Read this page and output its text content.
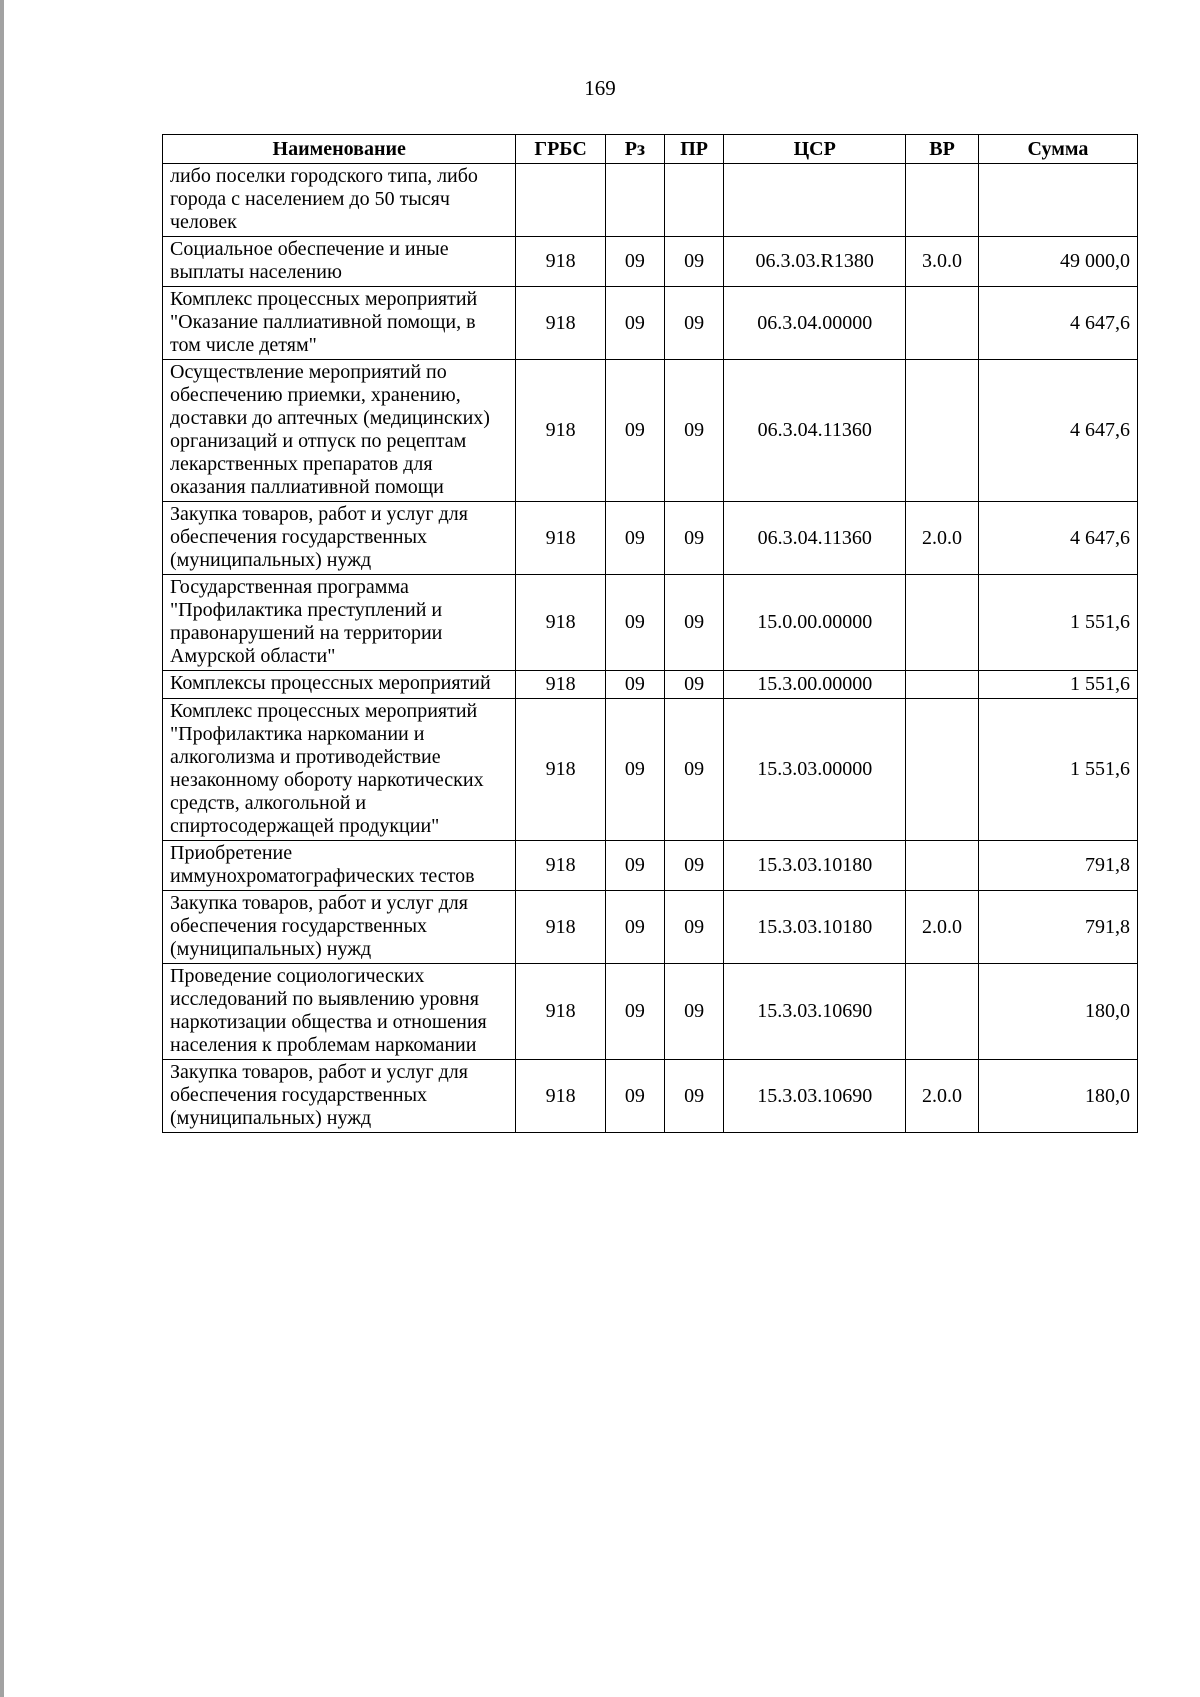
169
Наименование	ГРБС	Рз	ПР	ЦСР	ВР	Сумма
либо поселки городского типа, либо города с населением до 50 тысяч человек						
Социальное обеспечение и иные выплаты населению	918	09	09	06.3.03.R1380	3.0.0	49 000,0
Комплекс процессных мероприятий "Оказание паллиативной помощи, в том числе детям"	918	09	09	06.3.04.00000		4 647,6
Осуществление мероприятий по обеспечению приемки, хранению, доставки до аптечных (медицинских) организаций и отпуск по рецептам лекарственных препаратов для оказания паллиативной помощи	918	09	09	06.3.04.11360		4 647,6
Закупка товаров, работ и услуг для обеспечения государственных (муниципальных) нужд	918	09	09	06.3.04.11360	2.0.0	4 647,6
Государственная программа "Профилактика преступлений и правонарушений на территории Амурской области"	918	09	09	15.0.00.00000		1 551,6
Комплексы процессных мероприятий	918	09	09	15.3.00.00000		1 551,6
Комплекс процессных мероприятий "Профилактика наркомании и алкоголизма и противодействие незаконному обороту наркотических средств, алкогольной и спиртосодержащей продукции"	918	09	09	15.3.03.00000		1 551,6
Приобретение иммунохроматографических тестов	918	09	09	15.3.03.10180		791,8
Закупка товаров, работ и услуг для обеспечения государственных (муниципальных) нужд	918	09	09	15.3.03.10180	2.0.0	791,8
Проведение социологических исследований по выявлению уровня наркотизации общества и отношения населения к проблемам наркомании	918	09	09	15.3.03.10690		180,0
Закупка товаров, работ и услуг для обеспечения государственных (муниципальных) нужд	918	09	09	15.3.03.10690	2.0.0	180,0
